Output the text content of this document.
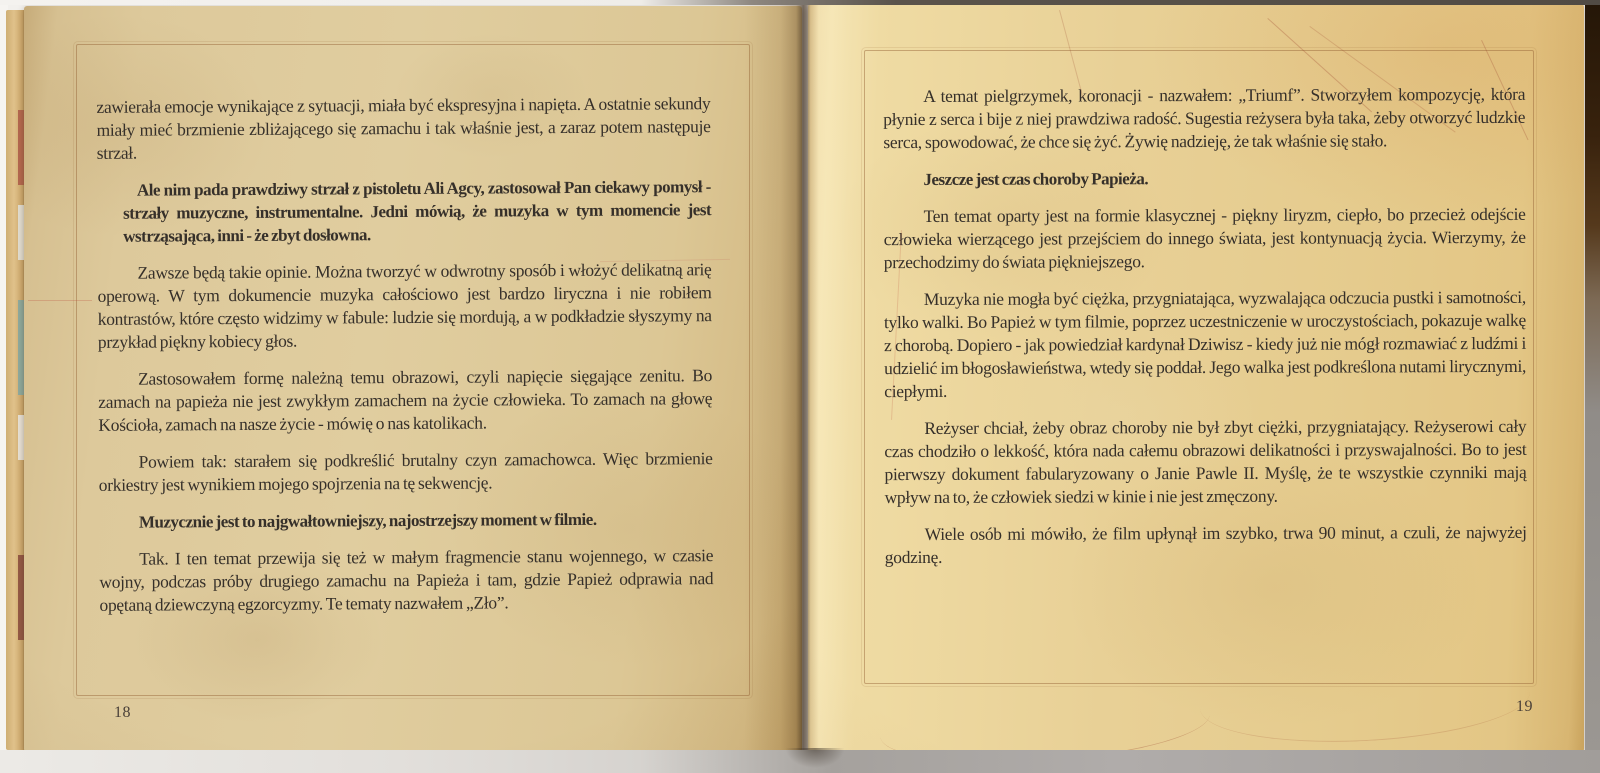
zawierała emocje wynikające z sytuacji, miała być ekspresyjna i napięta. A ostatnie sekundy miały mieć brzmienie zbliżającego się zamachu i tak właśnie jest, a zaraz potem następuje strzał.

Ale nim pada prawdziwy strzał z pistoletu Ali Agcy, zastosował Pan ciekawy pomysł - strzały muzyczne, instrumentalne. Jedni mówią, że muzyka w tym momencie jest wstrząsająca, inni - że zbyt dosłowna.

Zawsze będą takie opinie. Można tworzyć w odwrotny sposób i włożyć delikatną arię operową. W tym dokumencie muzyka całościowo jest bardzo liryczna i nie robiłem kontrastów, które często widzimy w fabule: ludzie się mordują, a w podkładzie słyszymy na przykład piękny kobiecy głos.

Zastosowałem formę należną temu obrazowi, czyli napięcie sięgające zenitu. Bo zamach na papieża nie jest zwykłym zamachem na życie człowieka. To zamach na głowę Kościoła, zamach na nasze życie - mówię o nas katolikach.

Powiem tak: starałem się podkreślić brutalny czyn zamachowca. Więc brzmienie orkiestry jest wynikiem mojego spojrzenia na tę sekwencję.

Muzycznie jest to najgwałtowniejszy, najostrzejszy moment w filmie.

Tak. I ten temat przewija się też w małym fragmencie stanu wojennego, w czasie wojny, podczas próby drugiego zamachu na Papieża i tam, gdzie Papież odprawia nad opętaną dziewczyną egzorcyzmy. Te tematy nazwałem „Zło”.

18

A temat pielgrzymek, koronacji - nazwałem: „Triumf”. Stworzyłem kompozycję, która płynie z serca i bije z niej prawdziwa radość. Sugestia reżysera była taka, żeby otworzyć ludzkie serca, spowodować, że chce się żyć. Żywię nadzieję, że tak właśnie się stało.

Jeszcze jest czas choroby Papieża.

Ten temat oparty jest na formie klasycznej - piękny liryzm, ciepło, bo przecież odejście człowieka wierzącego jest przejściem do innego świata, jest kontynuacją życia. Wierzymy, że przechodzimy do świata piękniejszego.

Muzyka nie mogła być ciężka, przygniatająca, wyzwalająca odczucia pustki i samotności, tylko walki. Bo Papież w tym filmie, poprzez uczestniczenie w uroczystościach, pokazuje walkę z chorobą. Dopiero - jak powiedział kardynał Dziwisz - kiedy już nie mógł rozmawiać z ludźmi i udzielić im błogosławieństwa, wtedy się poddał. Jego walka jest podkreślona nutami lirycznymi, ciepłymi.

Reżyser chciał, żeby obraz choroby nie był zbyt ciężki, przygniatający. Reżyserowi cały czas chodziło o lekkość, która nada całemu obrazowi delikatności i przyswajalności. Bo to jest pierwszy dokument fabularyzowany o Janie Pawle II. Myślę, że te wszystkie czynniki mają wpływ na to, że człowiek siedzi w kinie i nie jest zmęczony.

Wiele osób mi mówiło, że film upłynął im szybko, trwa 90 minut, a czuli, że najwyżej godzinę.

19
